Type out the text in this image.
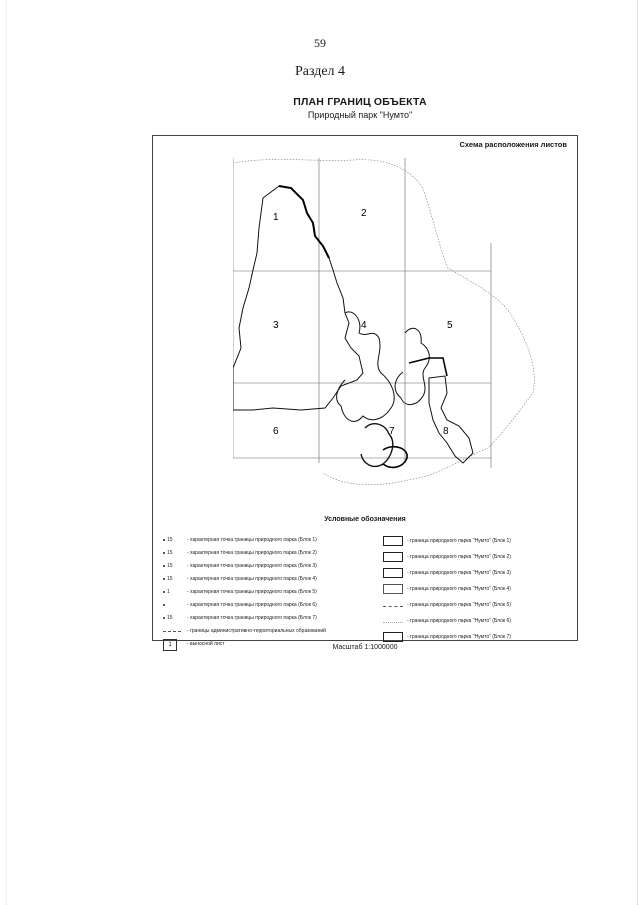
59
Раздел 4
ПЛАН ГРАНИЦ ОБЪЕКТА
Природный парк "Нумто"
Схема расположения листов
1	2
3	4	5
6	7	8
Условные обозначения
15	- характерная точка границы природного парка (Блок 1)
15	- характерная точка границы природного парка (Блок 2)
15	- характерная точка границы природного парка (Блок 3)
15	- характерная точка границы природного парка (Блок 4)
1	- характерная точка границы природного парка (Блок 5)
- характерная точка границы природного парка (Блок 6)
15	- характерная точка границы природного парка (Блок 7)
- границы административно-территориальных образований
1	- выносной лист
- граница природного парка "Нумто" (Блок 1)
- граница природного парка "Нумто" (Блок 2)
- граница природного парка "Нумто" (Блок 3)
- граница природного парка "Нумто" (Блок 4)
- граница природного парка "Нумто" (Блок 5)
- граница природного парка "Нумто" (Блок 6)
- граница природного парка "Нумто" (Блок 7)
Масштаб 1:1000000
